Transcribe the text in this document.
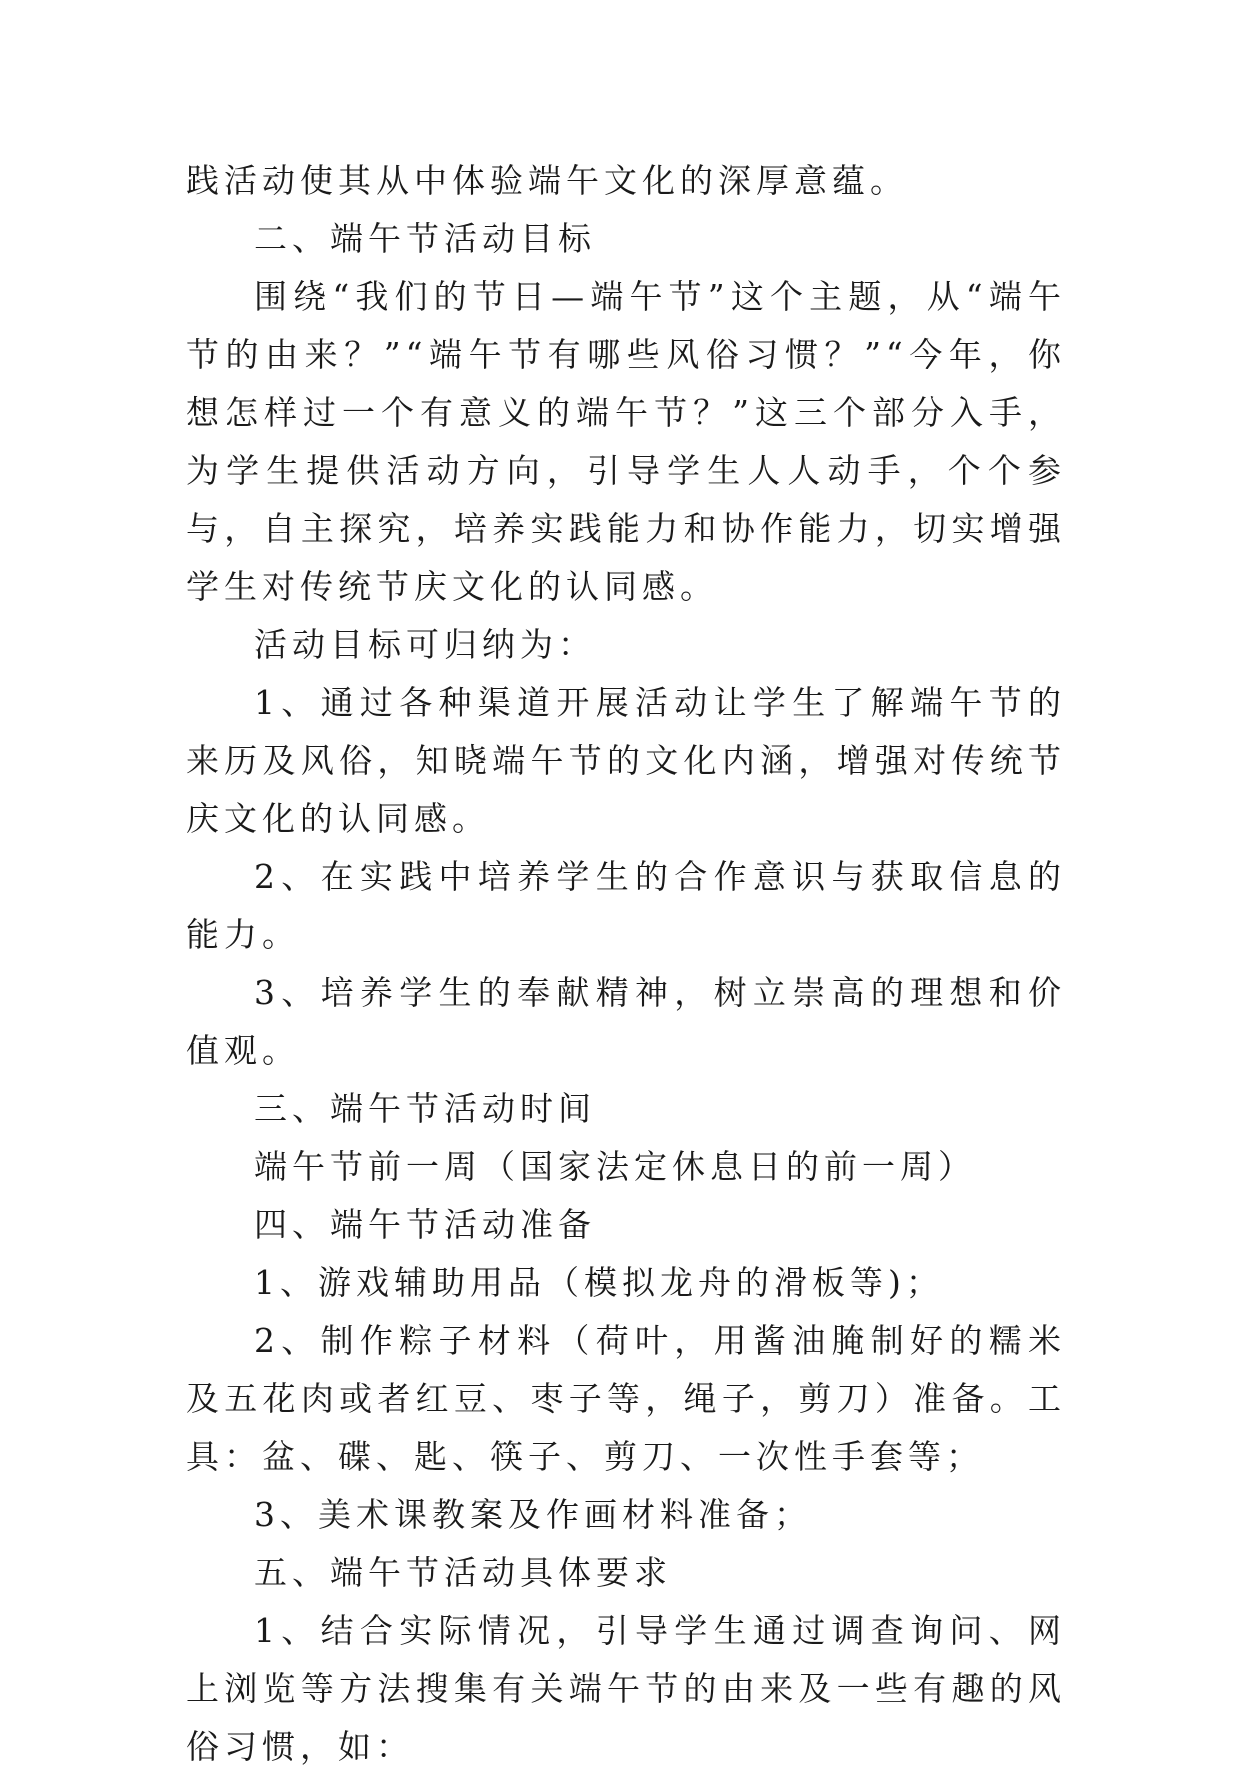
践活动使其从中体验端午文化的深厚意蕴。

二、端午节活动目标

围绕“我们的节日—端午节”这个主题，从“端午节的由来？”“端午节有哪些风俗习惯？”“今年，你想怎样过一个有意义的端午节？”这三个部分入手，为学生提供活动方向，引导学生人人动手，个个参与，自主探究，培养实践能力和协作能力，切实增强学生对传统节庆文化的认同感。

活动目标可归纳为：

1、通过各种渠道开展活动让学生了解端午节的来历及风俗，知晓端午节的文化内涵，增强对传统节庆文化的认同感。

2、在实践中培养学生的合作意识与获取信息的能力。

3、培养学生的奉献精神，树立崇高的理想和价值观。

三、端午节活动时间

端午节前一周（国家法定休息日的前一周）

四、端午节活动准备

1、游戏辅助用品（模拟龙舟的滑板等)；

2、制作粽子材料（荷叶，用酱油腌制好的糯米及五花肉或者红豆、枣子等，绳子，剪刀）准备。工具：盆、碟、匙、筷子、剪刀、一次性手套等；

3、美术课教案及作画材料准备；

五、端午节活动具体要求

1、结合实际情况，引导学生通过调查询问、网上浏览等方法搜集有关端午节的由来及一些有趣的风俗习惯，如：
